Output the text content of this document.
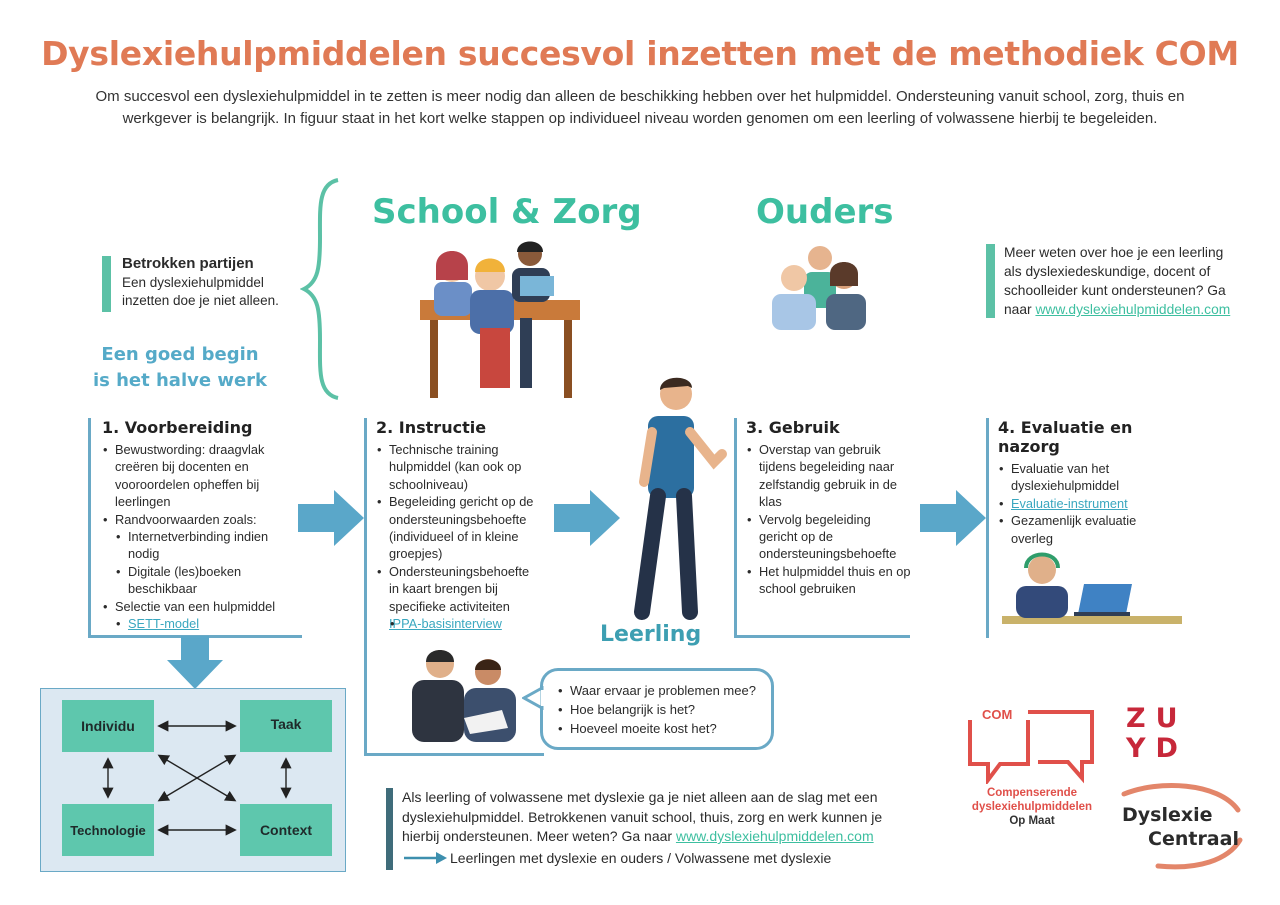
Dyslexiehulpmiddelen succesvol inzetten met de methodiek COM
Om succesvol een dyslexiehulpmiddel in te zetten is meer nodig dan alleen de beschikking hebben over het hulpmiddel. Ondersteuning vanuit school, zorg, thuis en
werkgever is belangrijk. In figuur staat in het kort welke stappen op individueel niveau worden genomen om een leerling of volwassene hierbij te begeleiden.
School & Zorg	Ouders
Betrokken partijen
Een dyslexiehulpmiddel
inzetten doe je niet alleen.
Een goed begin
is het halve werk
Meer weten over hoe je een leerling
als dyslexiedeskundige, docent of
schoolleider kunt ondersteunen? Ga
naar www.dyslexiehulpmiddelen.com
1. Voorbereiding
• Bewustwording: draagvlak
creëren bij docenten en
vooroordelen opheffen bij
leerlingen
• Randvoorwaarden zoals:
• Internetverbinding indien
nodig
• Digitale (les)boeken
beschikbaar
• Selectie van een hulpmiddel
• SETT-model
2. Instructie
• Technische training
hulpmiddel (kan ook op
schoolniveau)
• Begeleiding gericht op de
ondersteuningsbehoefte
(individueel of in kleine
groepjes)
• Ondersteuningsbehoefte
in kaart brengen bij
specifieke activiteiten
• IPPA-basisinterview
3. Gebruik
• Overstap van gebruik
tijdens begeleiding naar
zelfstandig gebruik in de
klas
• Vervolg begeleiding
gericht op de
ondersteuningsbehoefte
• Het hulpmiddel thuis en op
school gebruiken
4. Evaluatie en nazorg
• Evaluatie van het
dyslexiehulpmiddel
• Evaluatie-instrument
• Gezamenlijk evaluatie
overleg
Leerling
• Waar ervaar je problemen mee?
• Hoe belangrijk is het?
• Hoeveel moeite kost het?
Individu	Taak
Technologie	Context
Als leerling of volwassene met dyslexie ga je niet alleen aan de slag met een
dyslexiehulpmiddel. Betrokkenen vanuit school, thuis, zorg en werk kunnen je
hierbij ondersteunen. Meer weten? Ga naar www.dyslexiehulpmiddelen.com
Leerlingen met dyslexie en ouders / Volwassene met dyslexie
COM
Compenserende
dyslexiehulpmiddelen
Op Maat
ZU
YD
Dyslexie
Centraal
